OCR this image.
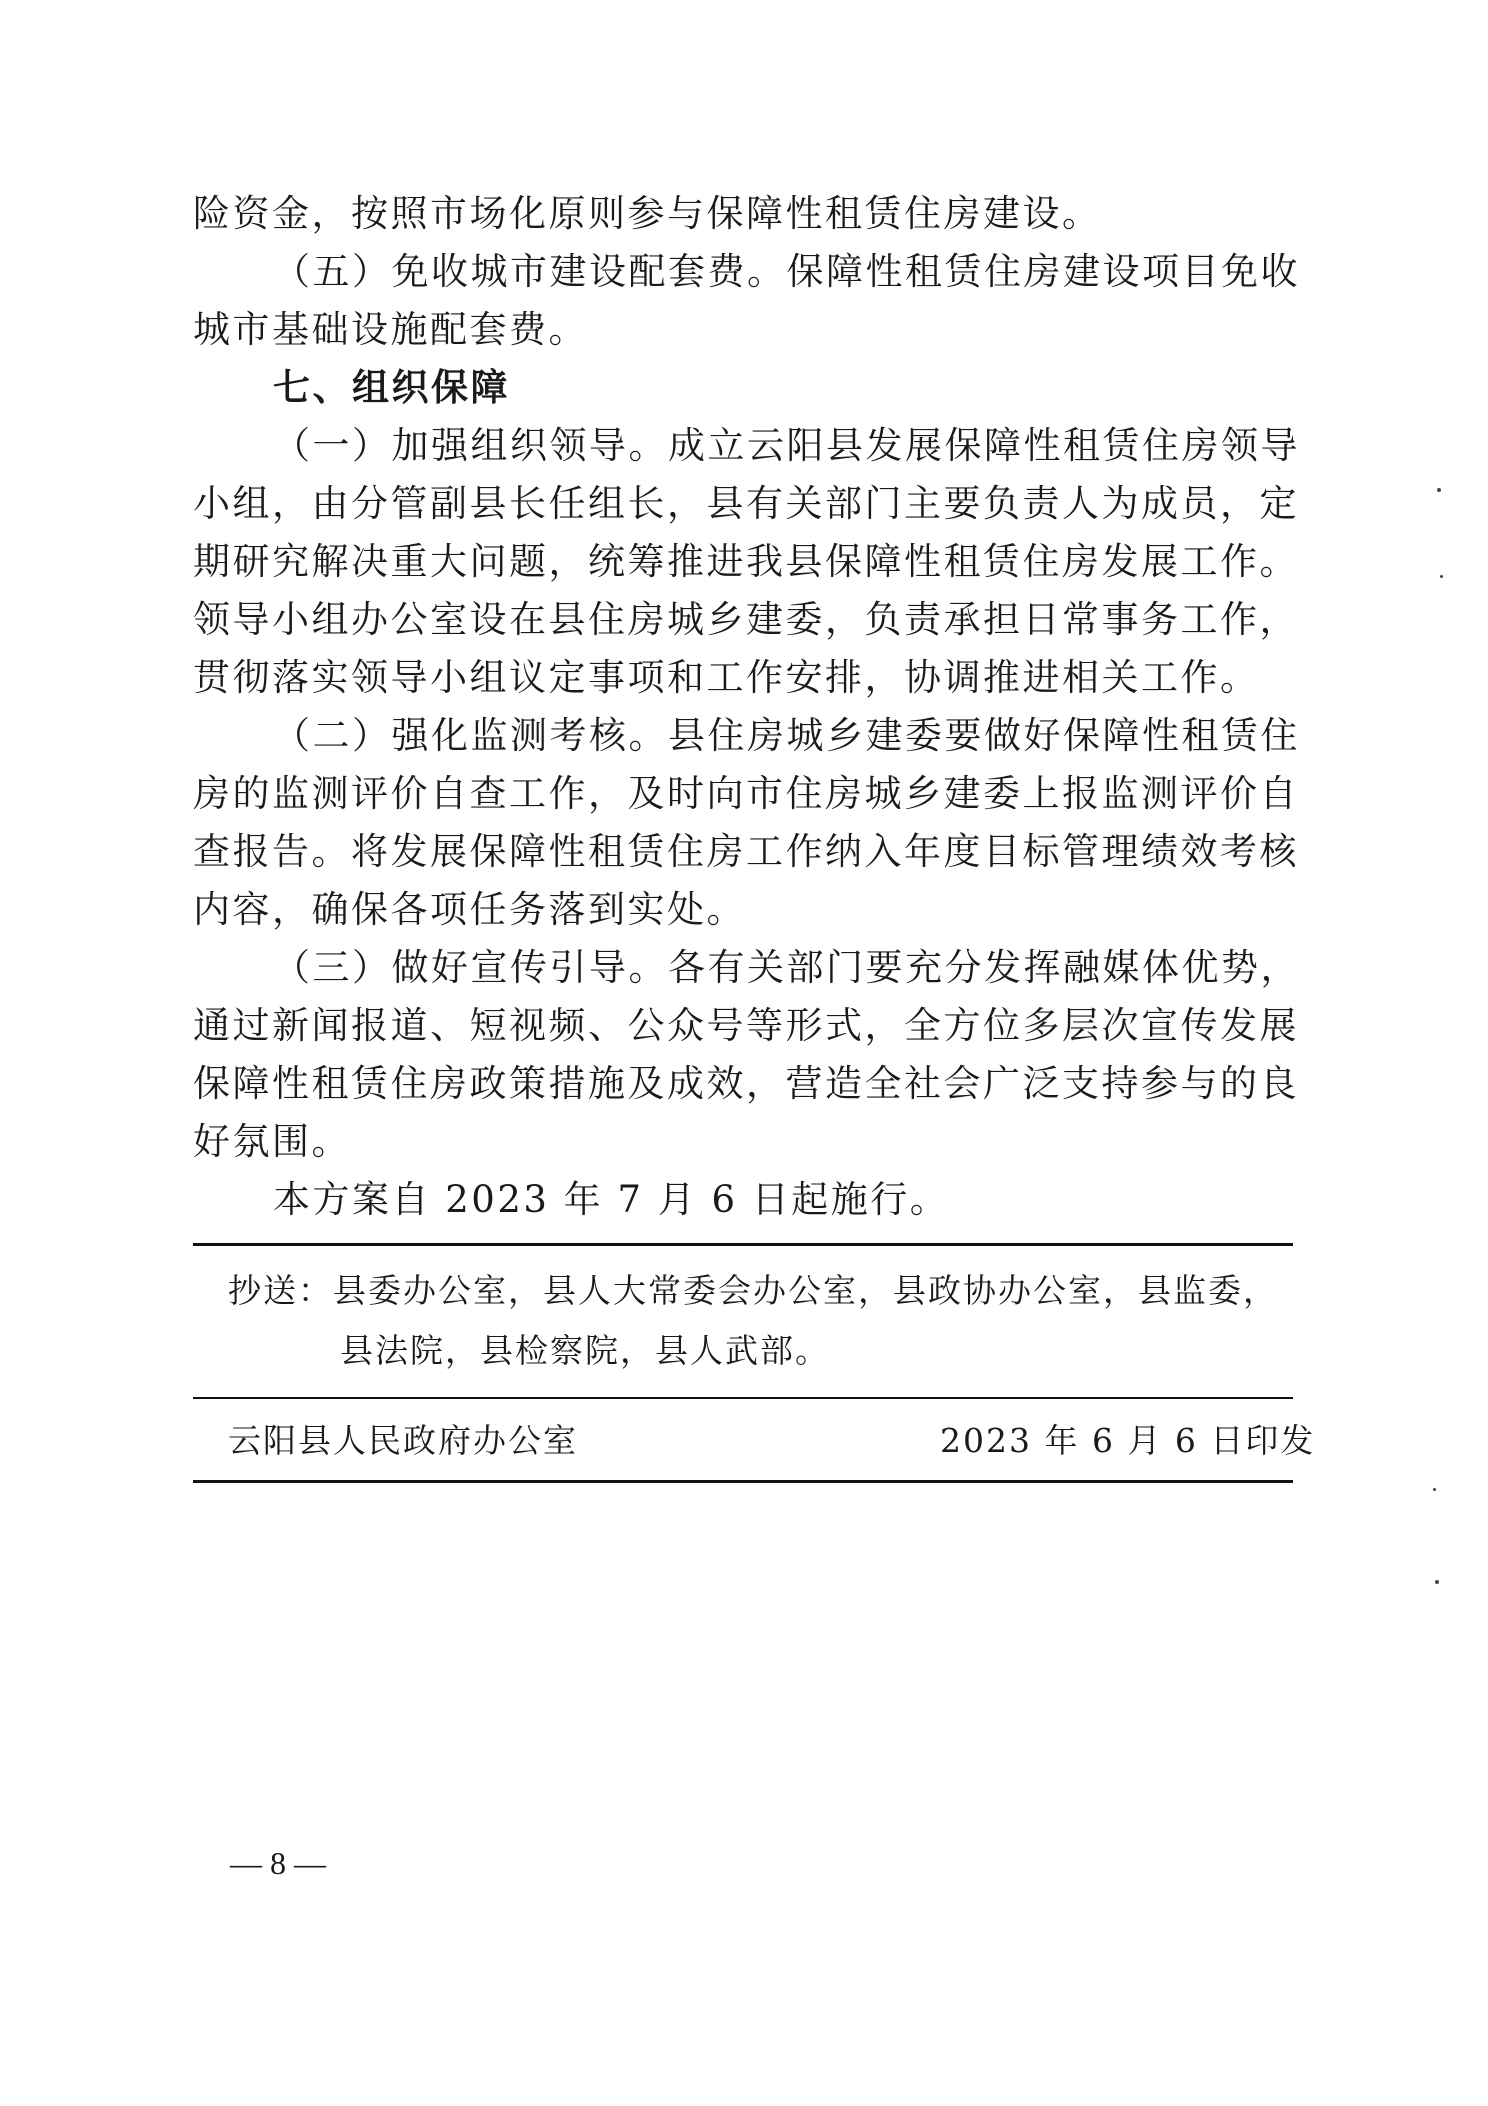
险资金，按照市场化原则参与保障性租赁住房建设。
（五）免收城市建设配套费。保障性租赁住房建设项目免收
城市基础设施配套费。
七、组织保障
（一）加强组织领导。成立云阳县发展保障性租赁住房领导
小组，由分管副县长任组长，县有关部门主要负责人为成员，定
期研究解决重大问题，统筹推进我县保障性租赁住房发展工作。
领导小组办公室设在县住房城乡建委，负责承担日常事务工作，
贯彻落实领导小组议定事项和工作安排，协调推进相关工作。
（二）强化监测考核。县住房城乡建委要做好保障性租赁住
房的监测评价自查工作，及时向市住房城乡建委上报监测评价自
查报告。将发展保障性租赁住房工作纳入年度目标管理绩效考核
内容，确保各项任务落到实处。
（三）做好宣传引导。各有关部门要充分发挥融媒体优势，
通过新闻报道、短视频、公众号等形式，全方位多层次宣传发展
保障性租赁住房政策措施及成效，营造全社会广泛支持参与的良
好氛围。
本方案自 2023 年 7 月 6 日起施行。
抄送：县委办公室，县人大常委会办公室，县政协办公室，县监委，
县法院，县检察院，县人武部。
云阳县人民政府办公室	2023 年 6 月 6 日印发
— 8 —
